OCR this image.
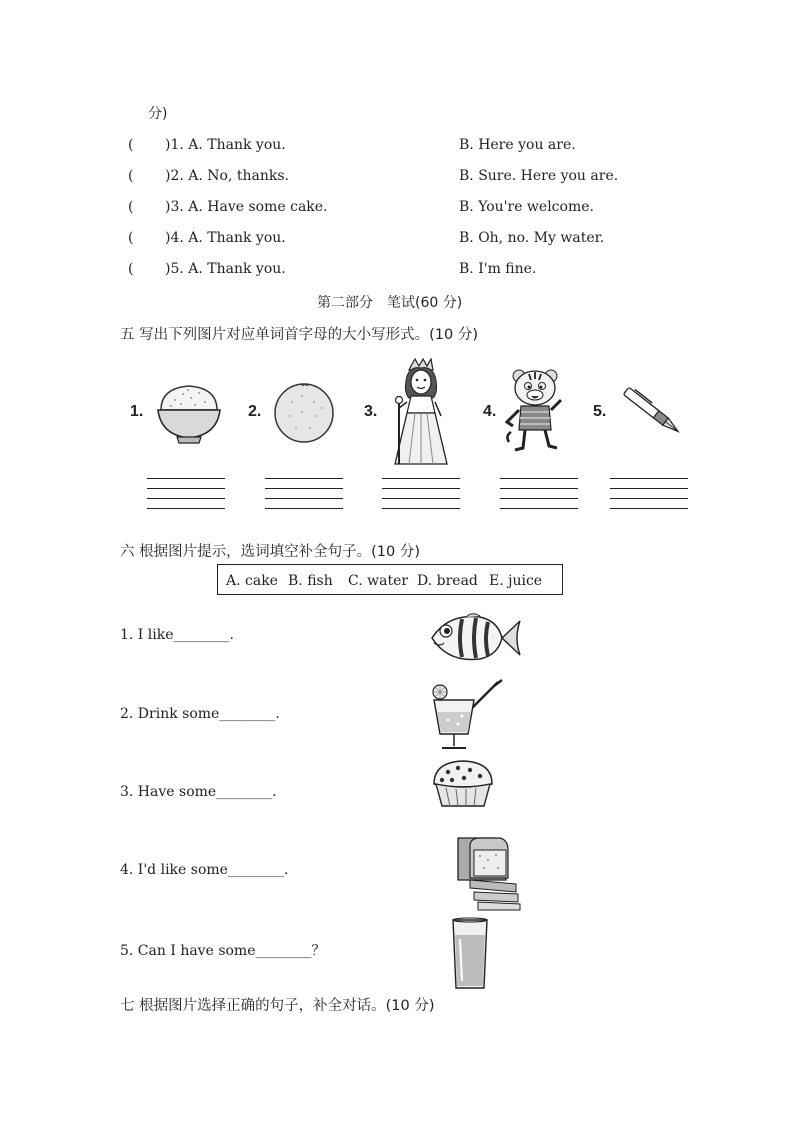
分)
( )1. A. Thank you.	B. Here you are.
( )2. A. No, thanks.	B. Sure. Here you are.
( )3. A. Have some cake.	B. You're welcome.
( )4. A. Thank you.	B. Oh, no. My water.
( )5. A. Thank you.	B. I'm fine.
第二部分　笔试(60 分)
五 写出下列图片对应单词首字母的大小写形式。(10 分)
1.	2.	3.	4.	5.
六 根据图片提示，选词填空补全句子。(10 分)
A. cake B. fish C. water D. bread E. juice
1. I like________.
2. Drink some________.
3. Have some________.
4. I'd like some________.
5. Can I have some________？
七 根据图片选择正确的句子，补全对话。(10 分)
